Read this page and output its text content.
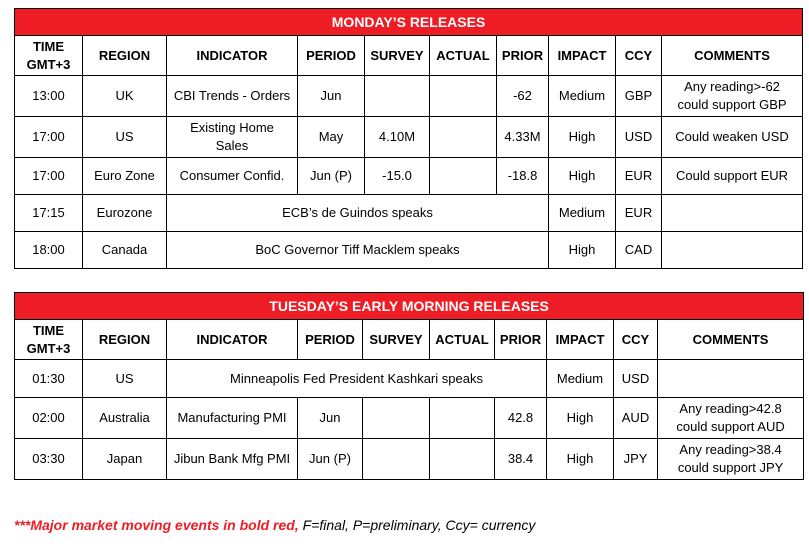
MONDAY’S RELEASES									

TIME
GMT+3	REGION	INDICATOR	PERIOD	SURVEY	ACTUAL	PRIOR	IMPACT	CCY	COMMENTS
13:00	UK	CBI Trends - Orders	Jun			-62	Medium	GBP	Any reading>-62
could support GBP

17:00	US	Existing Home
Sales	May	4.10M		4.33M	High	USD	Could weaken USD
17:00	Euro Zone	Consumer Confid.	Jun (P)	-15.0		-18.8	High	EUR	Could support EUR
17:15	Eurozone	ECB’s de Guindos speaks					Medium	EUR	
18:00	Canada	BoC Governor Tiff Macklem speaks					High	CAD	
TUESDAY’S EARLY MORNING RELEASES									

TIME
GMT+3	REGION	INDICATOR	PERIOD	SURVEY	ACTUAL	PRIOR	IMPACT	CCY	COMMENTS
01:30	US	Minneapolis Fed President Kashkari speaks					Medium	USD	
02:00	Australia	Manufacturing PMI	Jun			42.8	High	AUD	Any reading>42.8
could support AUD

03:30	Japan	Jibun Bank Mfg PMI	Jun (P)			38.4	High	JPY	Any reading>38.4
could support JPY
***Major market moving events in bold red, F=final, P=preliminary, Ccy= currency
